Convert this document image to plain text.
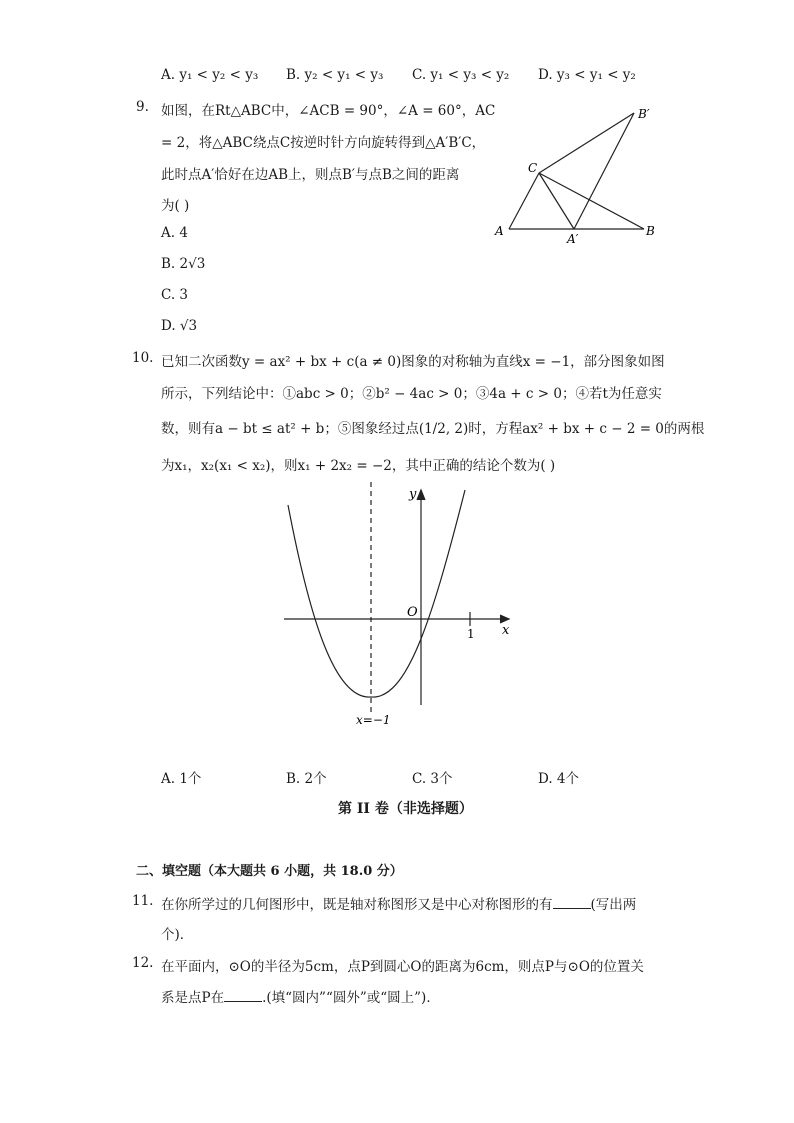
A. y₁ < y₂ < y₃ B. y₂ < y₁ < y₃ C. y₁ < y₃ < y₂ D. y₃ < y₁ < y₂
9. 如图，在Rt△ABC中，∠ACB = 90°，∠A = 60°，AC
= 2，将△ABC绕点C按逆时针方向旋转得到△A′B′C，
此时点A′恰好在边AB上，则点B′与点B之间的距离
为( )
A. 4
B. 2√3
C. 3
D. √3
A	B
C
A′
B′
10. 已知二次函数y = ax² + bx + c(a ≠ 0)图象的对称轴为直线x = −1，部分图象如图
所示，下列结论中：①abc > 0；②b² − 4ac > 0；③4a + c > 0；④若t为任意实
数，则有a − bt ≤ at² + b；⑤图象经过点(1/2, 2)时，方程ax² + bx + c − 2 = 0的两根
为x₁，x₂(x₁ < x₂)，则x₁ + 2x₂ = −2，其中正确的结论个数为( )
y
x
O
1
x=−1
A. 1个	B. 2个	C. 3个	D. 4个
第 II 卷（非选择题）
二、填空题（本大题共 6 小题，共 18.0 分）
11. 在你所学过的几何图形中，既是轴对称图形又是中心对称图形的有	(写出两
个)．
12. 在平面内，⊙O的半径为5cm，点P到圆心O的距离为6cm，则点P与⊙O的位置关
系是点P在	.(填“圆内”“圆外”或“圆上”)．
